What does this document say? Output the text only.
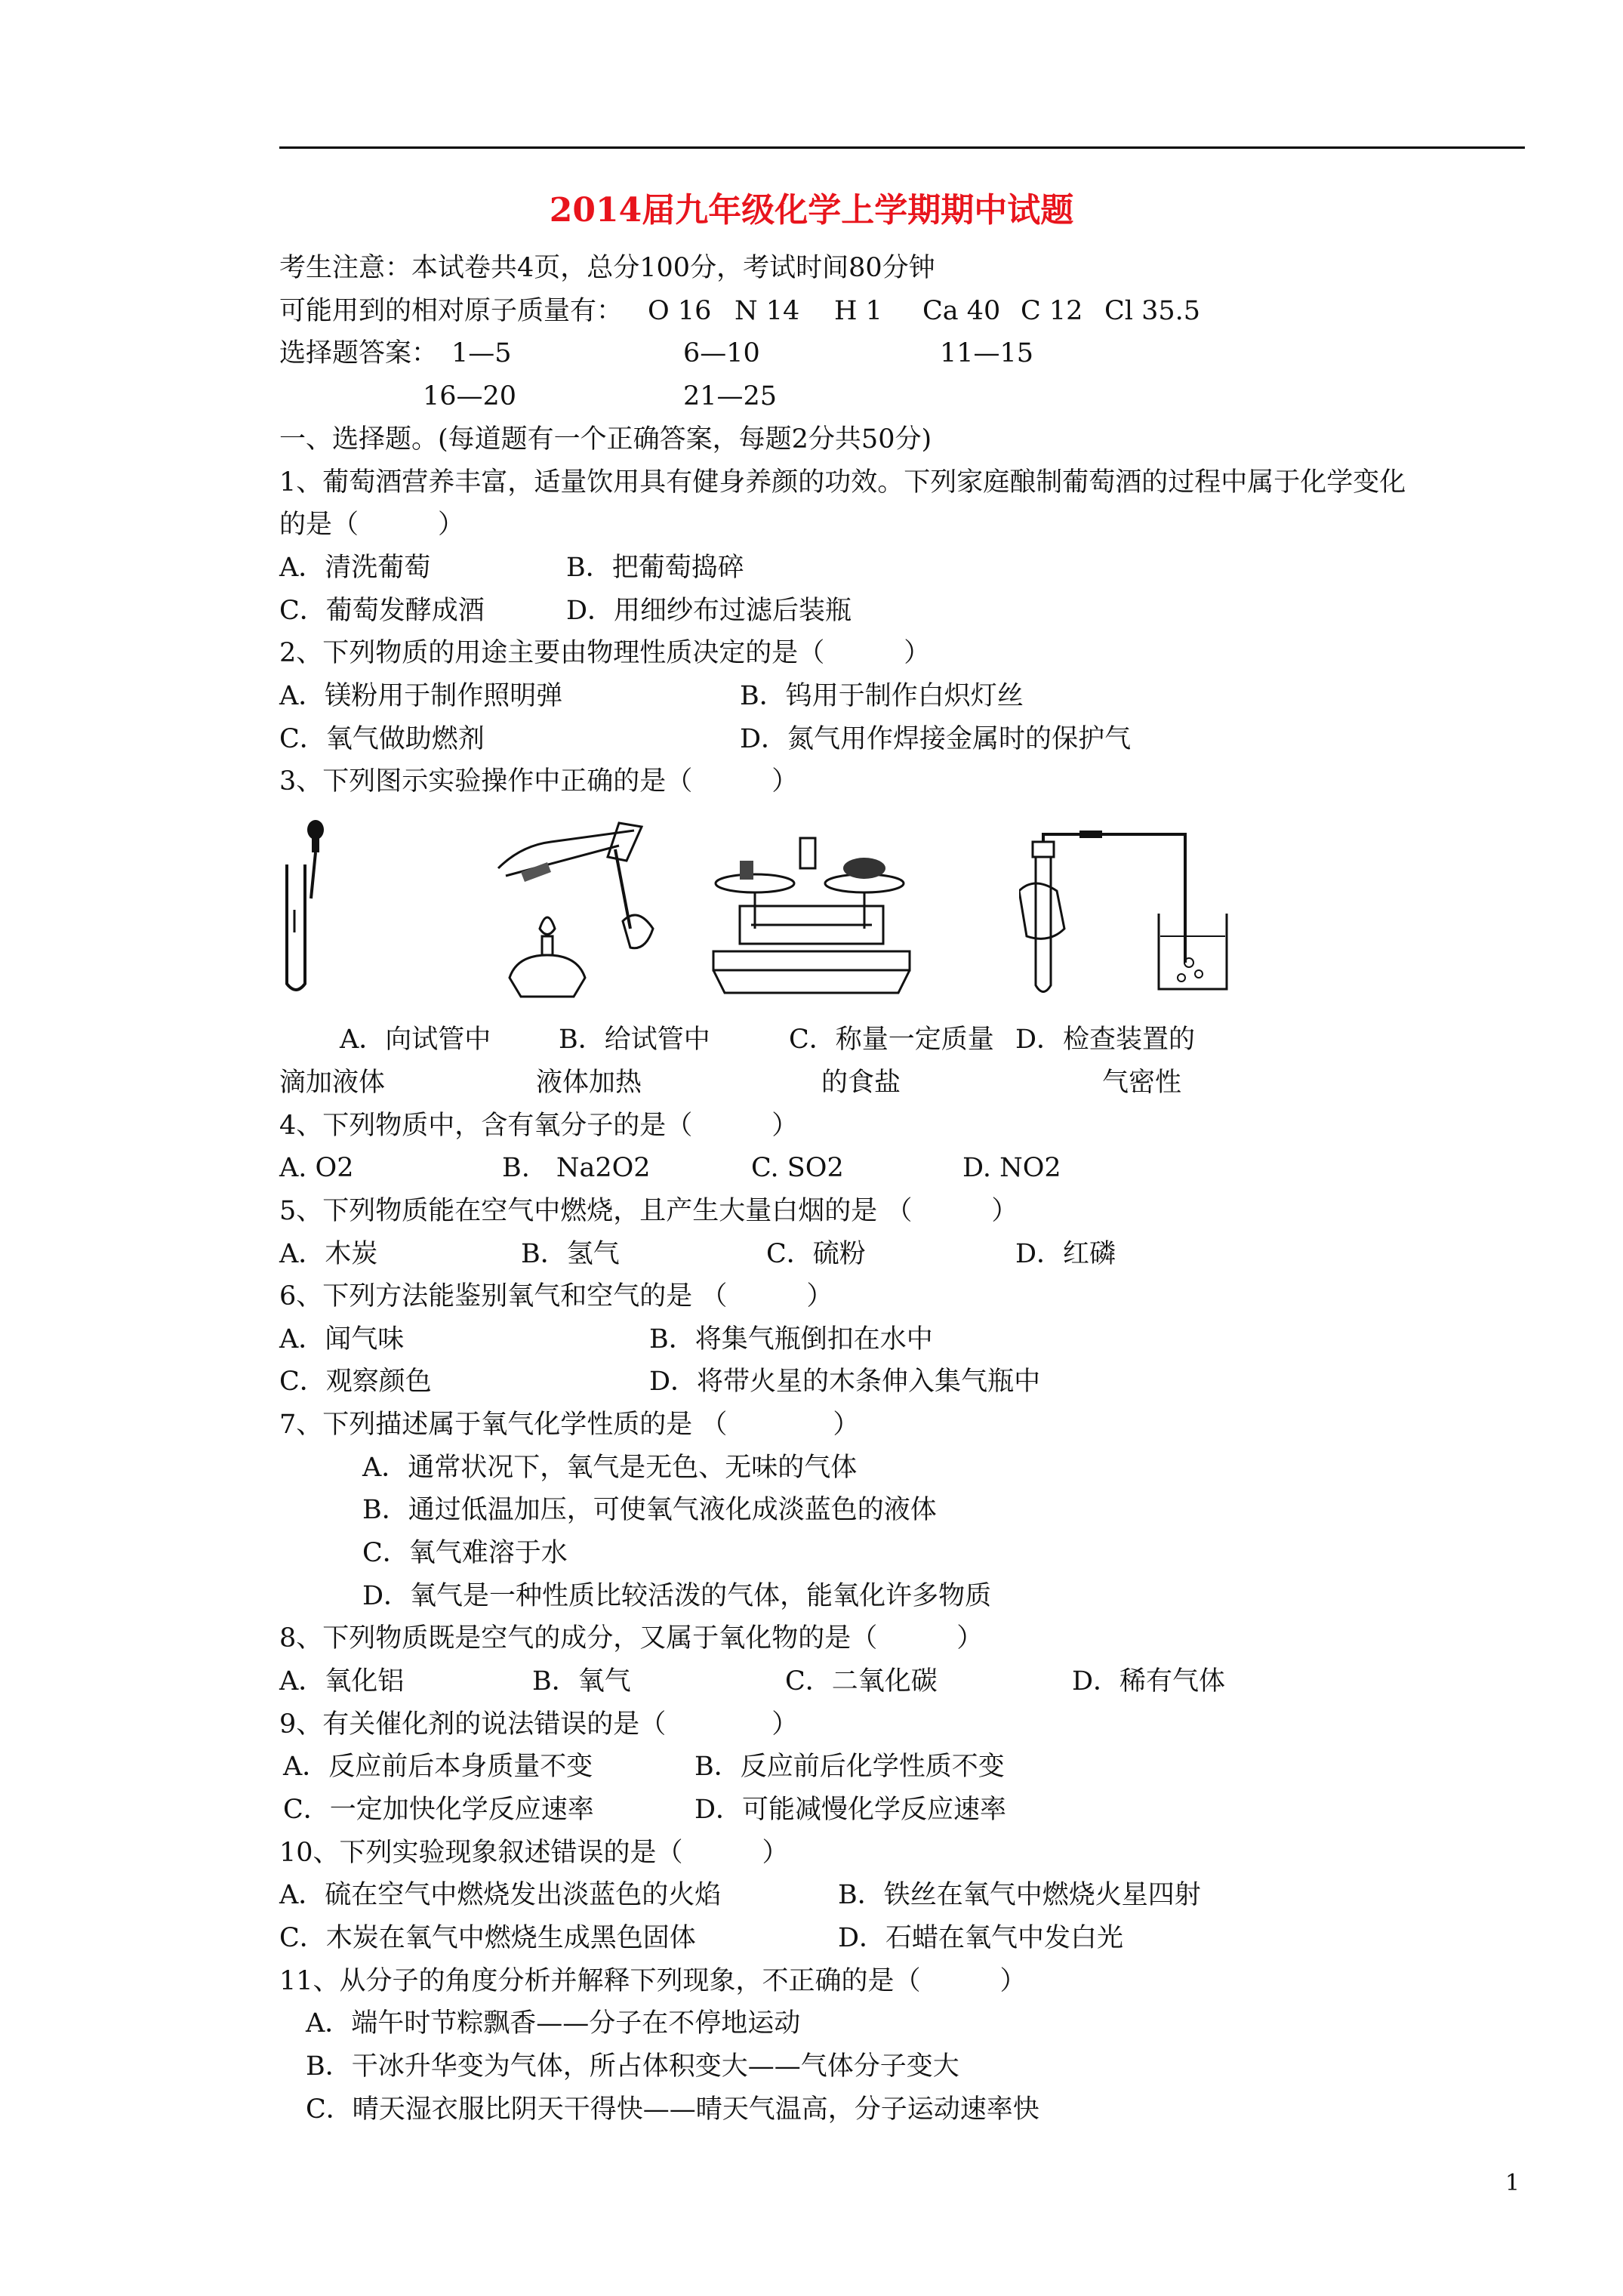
2014届九年级化学上学期期中试题
考生注意：本试卷共4页，总分100分，考试时间80分钟
可能用到的相对原子质量有： O 16 N 14 H 1 Ca 40 C 12 Cl 35.5
选择题答案： 1—5	6—10	11—15
16—20	21—25
一、选择题。(每道题有一个正确答案，每题2分共50分)
1、葡萄酒营养丰富，适量饮用具有健身养颜的功效。下列家庭酿制葡萄酒的过程中属于化学变化
的是（　　　）
A．清洗葡萄	B．把葡萄捣碎
C．葡萄发酵成酒	D．用细纱布过滤后装瓶
2、下列物质的用途主要由物理性质决定的是（　　　）
A．镁粉用于制作照明弹	B．钨用于制作白炽灯丝
C．氧气做助燃剂	D．氮气用作焊接金属时的保护气
3、下列图示实验操作中正确的是（　　　）
A．向试管中	B．给试管中	C．称量一定质量 D．检查装置的
滴加液体	液体加热	的食盐	气密性
4、下列物质中，含有氧分子的是（　　　）
A. O2	B.　Na2O2	C. SO2	D. NO2
5、下列物质能在空气中燃烧，且产生大量白烟的是 （　　　）
A．木炭	B．氢气	C．硫粉	D．红磷
6、下列方法能鉴别氧气和空气的是 （　　　）
A．闻气味	B．将集气瓶倒扣在水中
C．观察颜色	D．将带火星的木条伸入集气瓶中
7、下列描述属于氧气化学性质的是 （　　　　）
A．通常状况下，氧气是无色、无味的气体
B．通过低温加压，可使氧气液化成淡蓝色的液体
C．氧气难溶于水
D．氧气是一种性质比较活泼的气体，能氧化许多物质
8、下列物质既是空气的成分，又属于氧化物的是（　　　）
A．氧化铝	B．氧气	C．二氧化碳	D．稀有气体
9、有关催化剂的说法错误的是（　　　　）
A．反应前后本身质量不变	B．反应前后化学性质不变
C．一定加快化学反应速率	D．可能减慢化学反应速率
10、下列实验现象叙述错误的是（　　　）
A．硫在空气中燃烧发出淡蓝色的火焰	B．铁丝在氧气中燃烧火星四射
C．木炭在氧气中燃烧生成黑色固体	D．石蜡在氧气中发白光
11、从分子的角度分析并解释下列现象，不正确的是（　　　）
A．端午时节粽飘香——分子在不停地运动
B．干冰升华变为气体，所占体积变大——气体分子变大
C．晴天湿衣服比阴天干得快——晴天气温高，分子运动速率快
1
